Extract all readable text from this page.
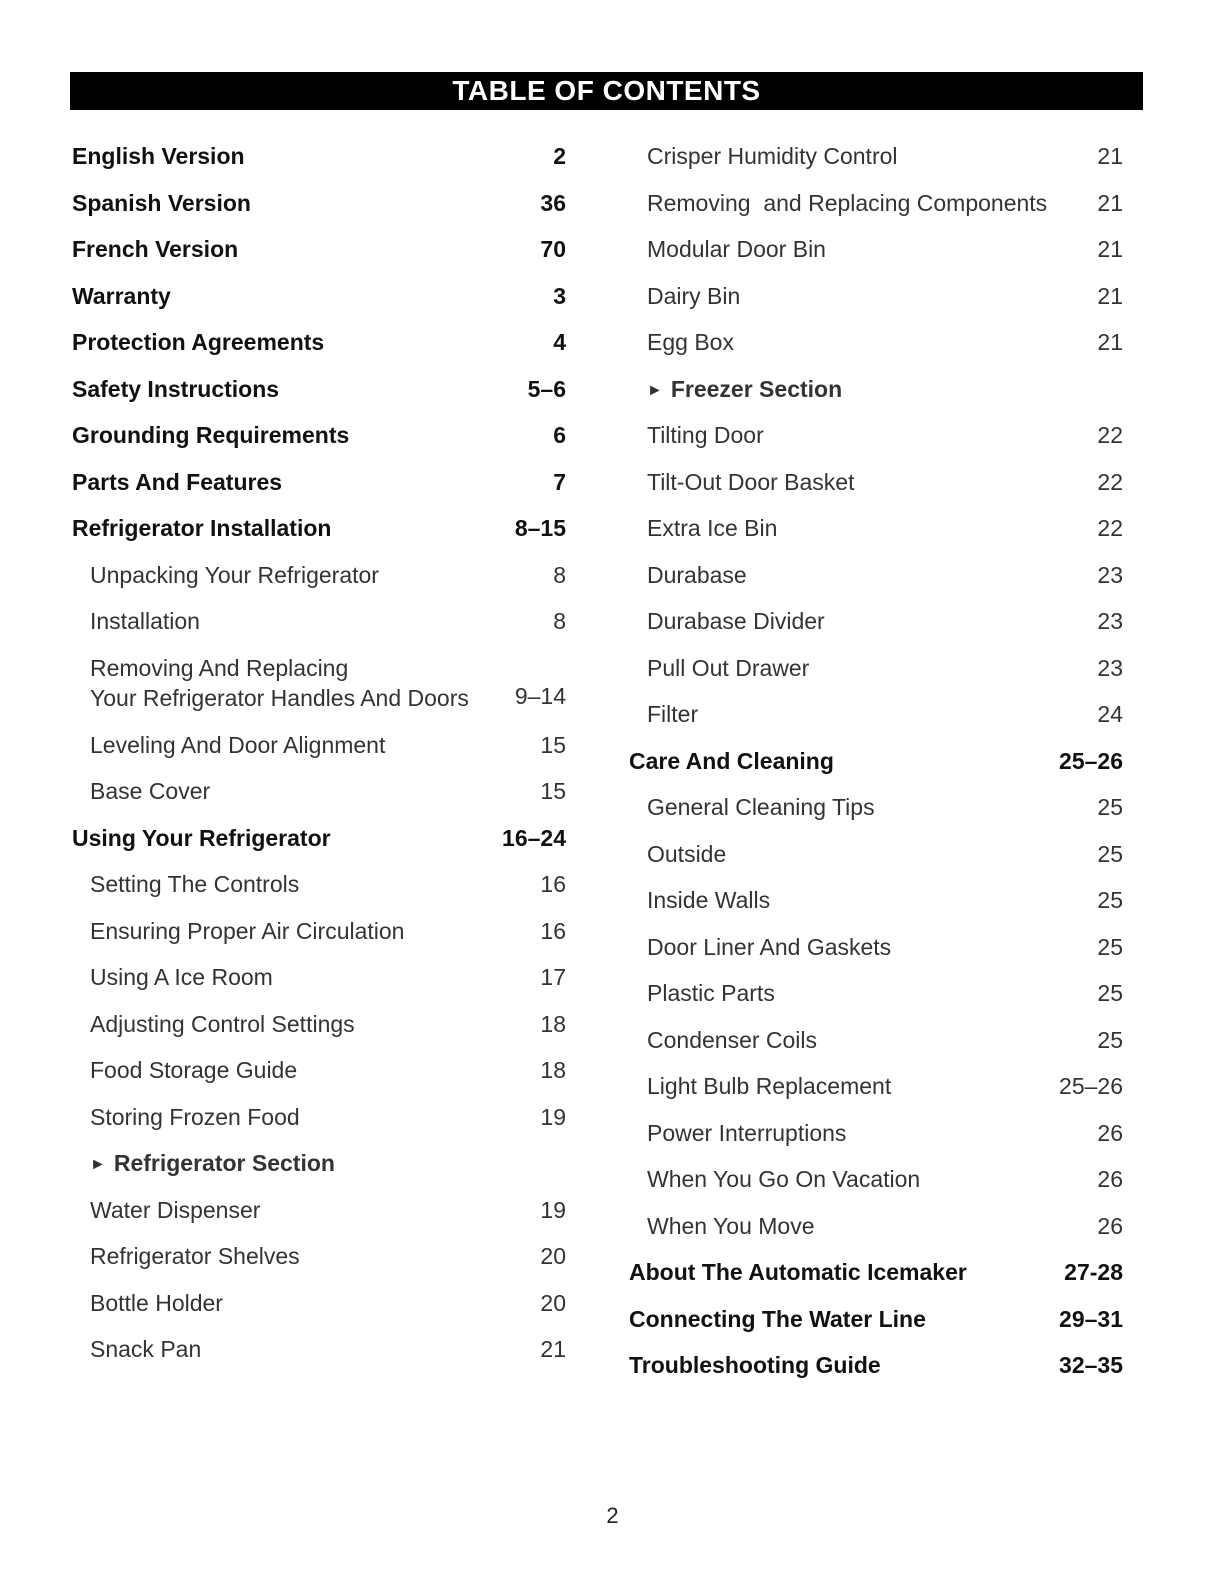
TABLE OF CONTENTS
English Version	2
Spanish Version	36
French Version	70
Warranty	3
Protection Agreements	4
Safety Instructions	5–6
Grounding Requirements	6
Parts And Features	7
Refrigerator Installation	8–15
Unpacking Your Refrigerator	8
Installation	8
Removing And Replacing
Your Refrigerator Handles And Doors 9–14
Leveling And Door Alignment	15
Base Cover	15
Using Your Refrigerator	16–24
Setting The Controls	16
Ensuring Proper Air Circulation	16
Using A Ice Room	17
Adjusting Control Settings	18
Food Storage Guide	18
Storing Frozen Food	19
► Refrigerator Section
Water Dispenser	19
Refrigerator Shelves	20
Bottle Holder	20
Snack Pan	21
Crisper Humidity Control	21
Removing  and Replacing Components 21
Modular Door Bin	21
Dairy Bin	21
Egg Box	21
► Freezer Section
Tilting Door	22
Tilt-Out Door Basket	22
Extra Ice Bin	22
Durabase	23
Durabase Divider	23
Pull Out Drawer	23
Filter	24
Care And Cleaning	25–26
General Cleaning Tips	25
Outside	25
Inside Walls	25
Door Liner And Gaskets	25
Plastic Parts	25
Condenser Coils	25
Light Bulb Replacement	25–26
Power Interruptions	26
When You Go On Vacation	26
When You Move	26
About The Automatic Icemaker	27-28
Connecting The Water Line	29–31
Troubleshooting Guide	32–35
2
